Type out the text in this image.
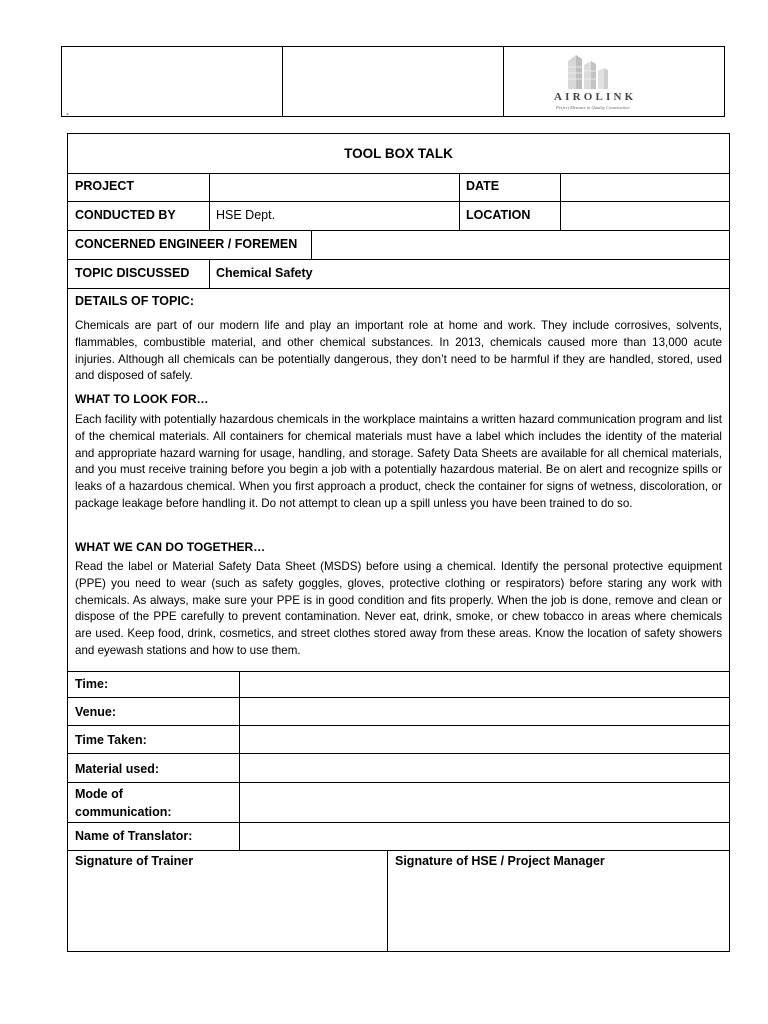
AIROLINK
Perfect Measure in Quality Construction
`
TOOL BOX TALK
PROJECT	DATE
CONDUCTED BY	HSE Dept.	LOCATION
CONCERNED ENGINEER / FOREMEN
TOPIC DISCUSSED Chemical Safety
DETAILS OF TOPIC:
Chemicals are part of our modern life and play an important role at home and work. They include corrosives, solvents, flammables, combustible material, and other chemical substances. In 2013, chemicals caused more than 13,000 acute injuries. Although all chemicals can be potentially dangerous, they don’t need to be harmful if they are handled, stored, used and disposed of safely.
WHAT TO LOOK FOR…
Each facility with potentially hazardous chemicals in the workplace maintains a written hazard communication program and list of the chemical materials. All containers for chemical materials must have a label which includes the identity of the material and appropriate hazard warning for usage, handling, and storage. Safety Data Sheets are available for all chemical materials, and you must receive training before you begin a job with a potentially hazardous material. Be on alert and recognize spills or leaks of a hazardous chemical. When you first approach a product, check the container for signs of wetness, discoloration, or package leakage before handling it. Do not attempt to clean up a spill unless you have been trained to do so.
WHAT WE CAN DO TOGETHER…
Read the label or Material Safety Data Sheet (MSDS) before using a chemical. Identify the personal protective equipment (PPE) you need to wear (such as safety goggles, gloves, protective clothing or respirators) before staring any work with chemicals. As always, make sure your PPE is in good condition and fits properly. When the job is done, remove and clean or dispose of the PPE carefully to prevent contamination. Never eat, drink, smoke, or chew tobacco in areas where chemicals are used. Keep food, drink, cosmetics, and street clothes stored away from these areas. Know the location of safety showers and eyewash stations and how to use them.
Time:
Venue:
Time Taken:
Material used:
Mode of
communication:
Name of Translator:
Signature of Trainer	Signature of HSE / Project Manager
